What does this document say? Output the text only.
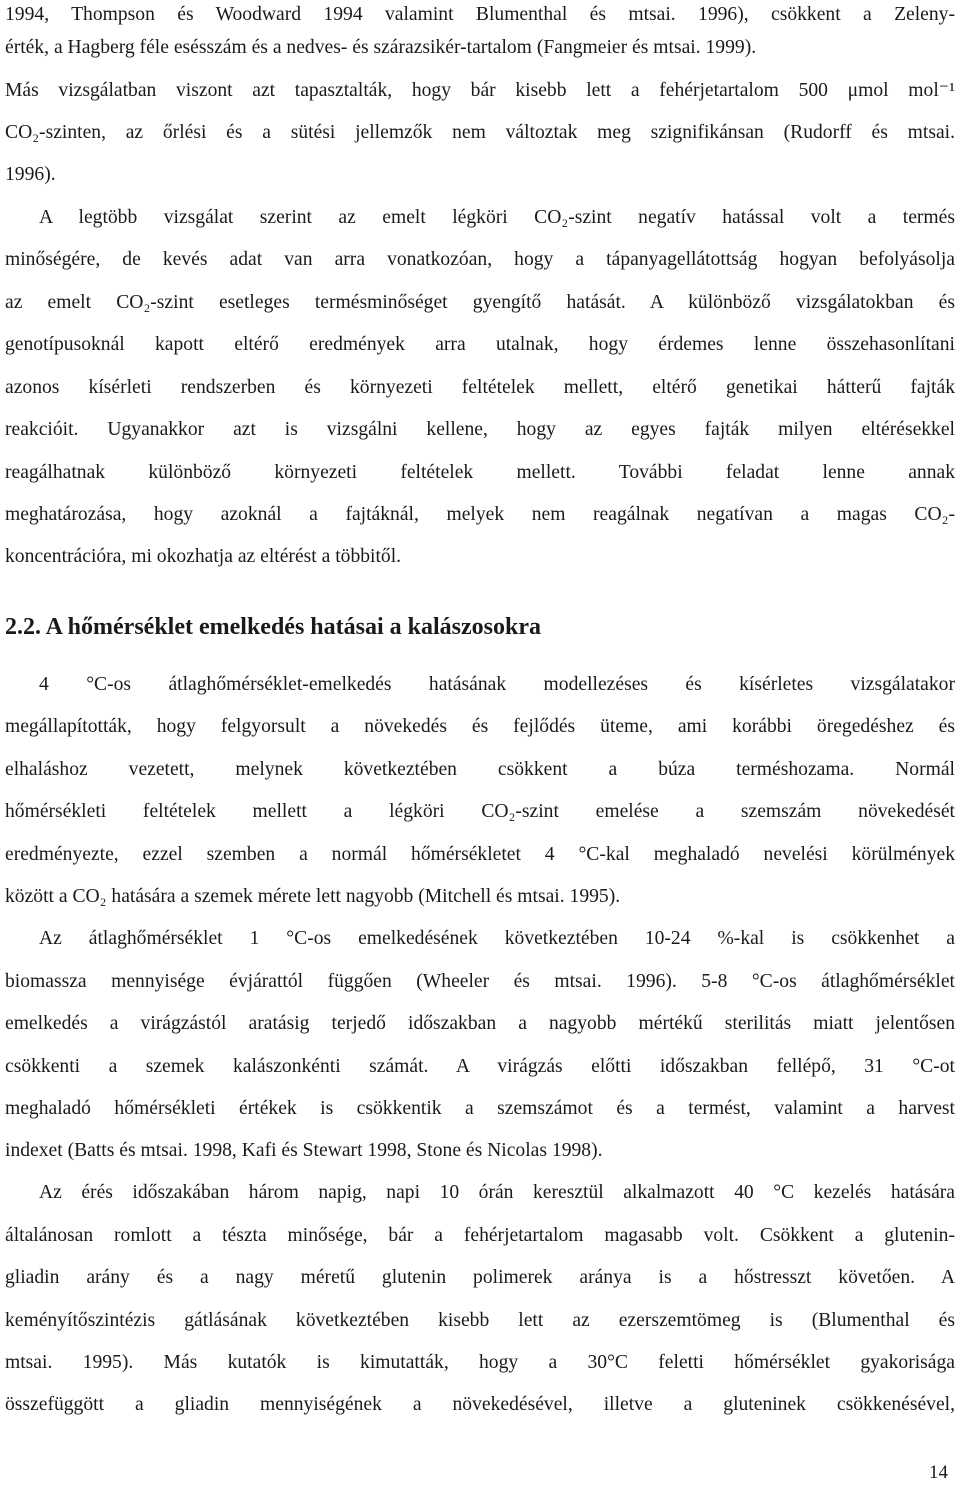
1994, Thompson és Woodward 1994 valamint Blumenthal és mtsai. 1996), csökkent a Zeleny-
érték, a Hagberg féle esésszám és a nedves- és szárazsikér-tartalom (Fangmeier és mtsai. 1999).
Más vizsgálatban viszont azt tapasztalták, hogy bár kisebb lett a fehérjetartalom 500 μmol mol⁻¹
CO₂-szinten, az őrlési és a sütési jellemzők nem változtak meg szignifikánsan (Rudorff és mtsai.
1996).
A legtöbb vizsgálat szerint az emelt légköri CO₂-szint negatív hatással volt a termés
minőségére, de kevés adat van arra vonatkozóan, hogy a tápanyagellátottság hogyan befolyásolja
az emelt CO₂-szint esetleges termésminőséget gyengítő hatását. A különböző vizsgálatokban és
genotípusoknál kapott eltérő eredmények arra utalnak, hogy érdemes lenne összehasonlítani
azonos kísérleti rendszerben és környezeti feltételek mellett, eltérő genetikai hátterű fajták
reakcióit. Ugyanakkor azt is vizsgálni kellene, hogy az egyes fajták milyen eltérésekkel
reagálhatnak különböző környezeti feltételek mellett. További feladat lenne annak
meghatározása, hogy azoknál a fajtáknál, melyek nem reagálnak negatívan a magas CO₂-
koncentrációra, mi okozhatja az eltérést a többitől.
2.2. A hőmérséklet emelkedés hatásai a kalászosokra
4 °C-os átlaghőmérséklet-emelkedés hatásának modellezéses és kísérletes vizsgálatakor
megállapították, hogy felgyorsult a növekedés és fejlődés üteme, ami korábbi öregedéshez és
elhaláshoz vezetett, melynek következtében csökkent a búza terméshozama. Normál
hőmérsékleti feltételek mellett a légköri CO₂-szint emelése a szemszám növekedését
eredményezte, ezzel szemben a normál hőmérsékletet 4 °C-kal meghaladó nevelési körülmények
között a CO₂ hatására a szemek mérete lett nagyobb (Mitchell és mtsai. 1995).
Az átlaghőmérséklet 1 °C-os emelkedésének következtében 10-24 %-kal is csökkenhet a
biomassza mennyisége évjárattól függően (Wheeler és mtsai. 1996). 5-8 °C-os átlaghőmérséklet
emelkedés a virágzástól aratásig terjedő időszakban a nagyobb mértékű sterilitás miatt jelentősen
csökkenti a szemek kalászonkénti számát. A virágzás előtti időszakban fellépő, 31 °C-ot
meghaladó hőmérsékleti értékek is csökkentik a szemszámot és a termést, valamint a harvest
indexet (Batts és mtsai. 1998, Kafi és Stewart 1998, Stone és Nicolas 1998).
Az érés időszakában három napig, napi 10 órán keresztül alkalmazott 40 °C kezelés hatására
általánosan romlott a tészta minősége, bár a fehérjetartalom magasabb volt. Csökkent a glutenin-
gliadin arány és a nagy méretű glutenin polimerek aránya is a hőstresszt követően. A
keményítőszintézis gátlásának következtében kisebb lett az ezerszemtömeg is (Blumenthal és
mtsai. 1995). Más kutatók is kimutatták, hogy a 30°C feletti hőmérséklet gyakorisága
összefüggött a gliadin mennyiségének a növekedésével, illetve a gluteninek csökkenésével,
14
